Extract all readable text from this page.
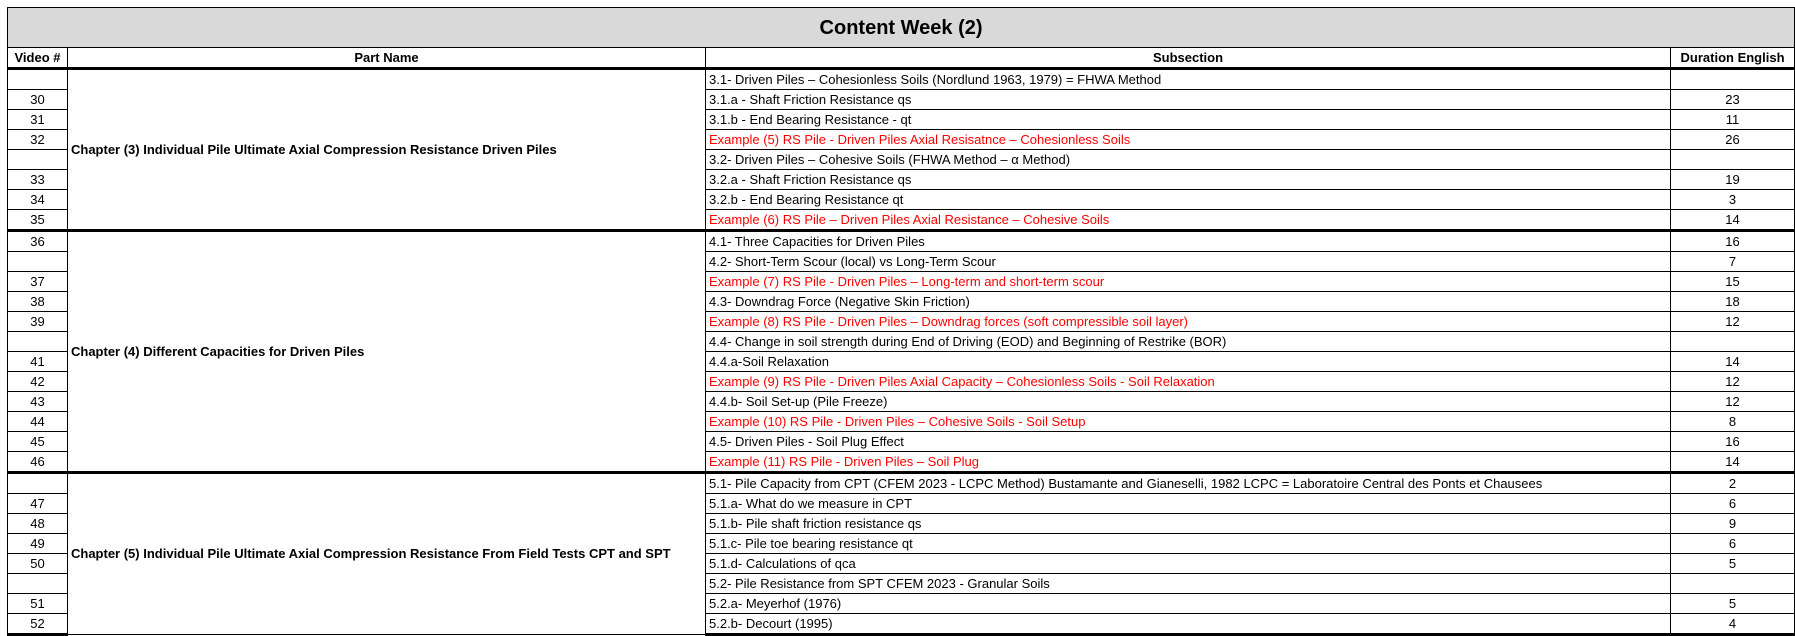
Content Week (2)			
Video #	Part Name	Subsection	Duration English
	Chapter (3) Individual Pile Ultimate Axial Compression Resistance Driven Piles	3.1- Driven Piles – Cohesionless Soils (Nordlund 1963, 1979) = FHWA Method	
30		3.1.a - Shaft Friction Resistance qs	23
31		3.1.b - End Bearing Resistance - qt	11
32		Example (5) RS Pile - Driven Piles Axial Resisatnce – Cohesionless Soils	26
		3.2- Driven Piles – Cohesive Soils (FHWA Method – α Method)	
33		3.2.a - Shaft Friction Resistance qs	19
34		3.2.b - End Bearing Resistance qt	3
35		Example (6) RS Pile – Driven Piles Axial Resistance – Cohesive Soils	14
36	Chapter (4) Different Capacities for Driven Piles	4.1- Three Capacities for Driven Piles	16
		4.2- Short-Term Scour (local) vs Long-Term Scour	7
37		Example (7) RS Pile - Driven Piles – Long-term and short-term scour	15
38		4.3- Downdrag Force (Negative Skin Friction)	18
39		Example (8) RS Pile - Driven Piles – Downdrag forces (soft compressible soil layer)	12
		4.4- Change in soil strength during End of Driving (EOD) and Beginning of Restrike (BOR)	
41		4.4.a-Soil Relaxation	14
42		Example (9) RS Pile - Driven Piles Axial Capacity – Cohesionless Soils - Soil Relaxation	12
43		4.4.b- Soil Set-up (Pile Freeze)	12
44		Example (10) RS Pile - Driven Piles – Cohesive Soils - Soil Setup	8
45		4.5- Driven Piles - Soil Plug Effect	16
46		Example (11) RS Pile - Driven Piles – Soil Plug	14
	Chapter (5) Individual Pile Ultimate Axial Compression Resistance From Field Tests CPT and SPT	5.1- Pile Capacity from CPT (CFEM 2023 - LCPC Method) Bustamante and Gianeselli, 1982 LCPC = Laboratoire Central des Ponts et Chausees	2
47		5.1.a- What do we measure in CPT	6
48		5.1.b- Pile shaft friction resistance qs	9
49		5.1.c- Pile toe bearing resistance qt	6
50		5.1.d- Calculations of qca	5
		5.2- Pile Resistance from SPT CFEM 2023 - Granular Soils	
51		5.2.a- Meyerhof (1976)	5
52		5.2.b- Decourt (1995)	4
